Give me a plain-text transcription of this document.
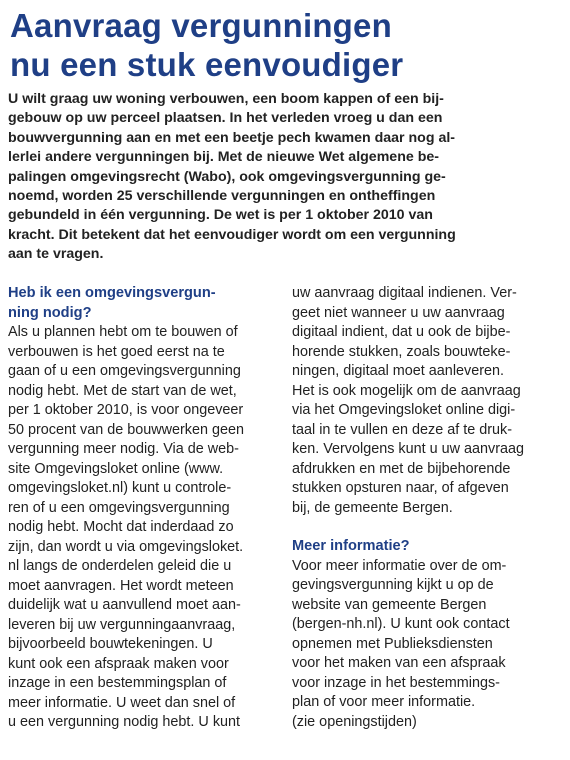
Aanvraag vergunningen
nu een stuk eenvoudiger

U wilt graag uw woning verbouwen, een boom kappen of een bij-
gebouw op uw perceel plaatsen. In het verleden vroeg u dan een
bouwvergunning aan en met een beetje pech kwamen daar nog al-
lerlei andere vergunningen bij. Met de nieuwe Wet algemene be-
palingen omgevingsrecht (Wabo), ook omgevingsvergunning ge-
noemd, worden 25 verschillende vergunningen en ontheffingen
gebundeld in één vergunning. De wet is per 1 oktober 2010 van
kracht. Dit betekent dat het eenvoudiger wordt om een vergunning
aan te vragen.

Heb ik een omgevingsvergun-
ning nodig?

Als u plannen hebt om te bouwen of
verbouwen is het goed eerst na te
gaan of u een omgevingsvergunning
nodig hebt. Met de start van de wet,
per 1 oktober 2010, is voor ongeveer
50 procent van de bouwwerken geen
vergunning meer nodig. Via de web-
site Omgevingsloket online (www.
omgevingsloket.nl) kunt u controle-
ren of u een omgevingsvergunning
nodig hebt. Mocht dat inderdaad zo
zijn, dan wordt u via omgevingsloket.
nl langs de onderdelen geleid die u
moet aanvragen. Het wordt meteen
duidelijk wat u aanvullend moet aan-
leveren bij uw vergunningaanvraag,
bijvoorbeeld bouwtekeningen. U
kunt ook een afspraak maken voor
inzage in een bestemmingsplan of
meer informatie. U weet dan snel of
u een vergunning nodig hebt. U kunt

uw aanvraag digitaal indienen. Ver-
geet niet wanneer u uw aanvraag
digitaal indient, dat u ook de bijbe-
horende stukken, zoals bouwteke-
ningen, digitaal moet aanleveren.
Het is ook mogelijk om de aanvraag
via het Omgevingsloket online digi-
taal in te vullen en deze af te druk-
ken. Vervolgens kunt u uw aanvraag
afdrukken en met de bijbehorende
stukken opsturen naar, of afgeven
bij, de gemeente Bergen.

Meer informatie?

Voor meer informatie over de om-
gevingsvergunning kijkt u op de
website van gemeente Bergen
(bergen-nh.nl). U kunt ook contact
opnemen met Publieksdiensten
voor het maken van een afspraak
voor inzage in het bestemmings-
plan of voor meer informatie.
(zie openingstijden)
